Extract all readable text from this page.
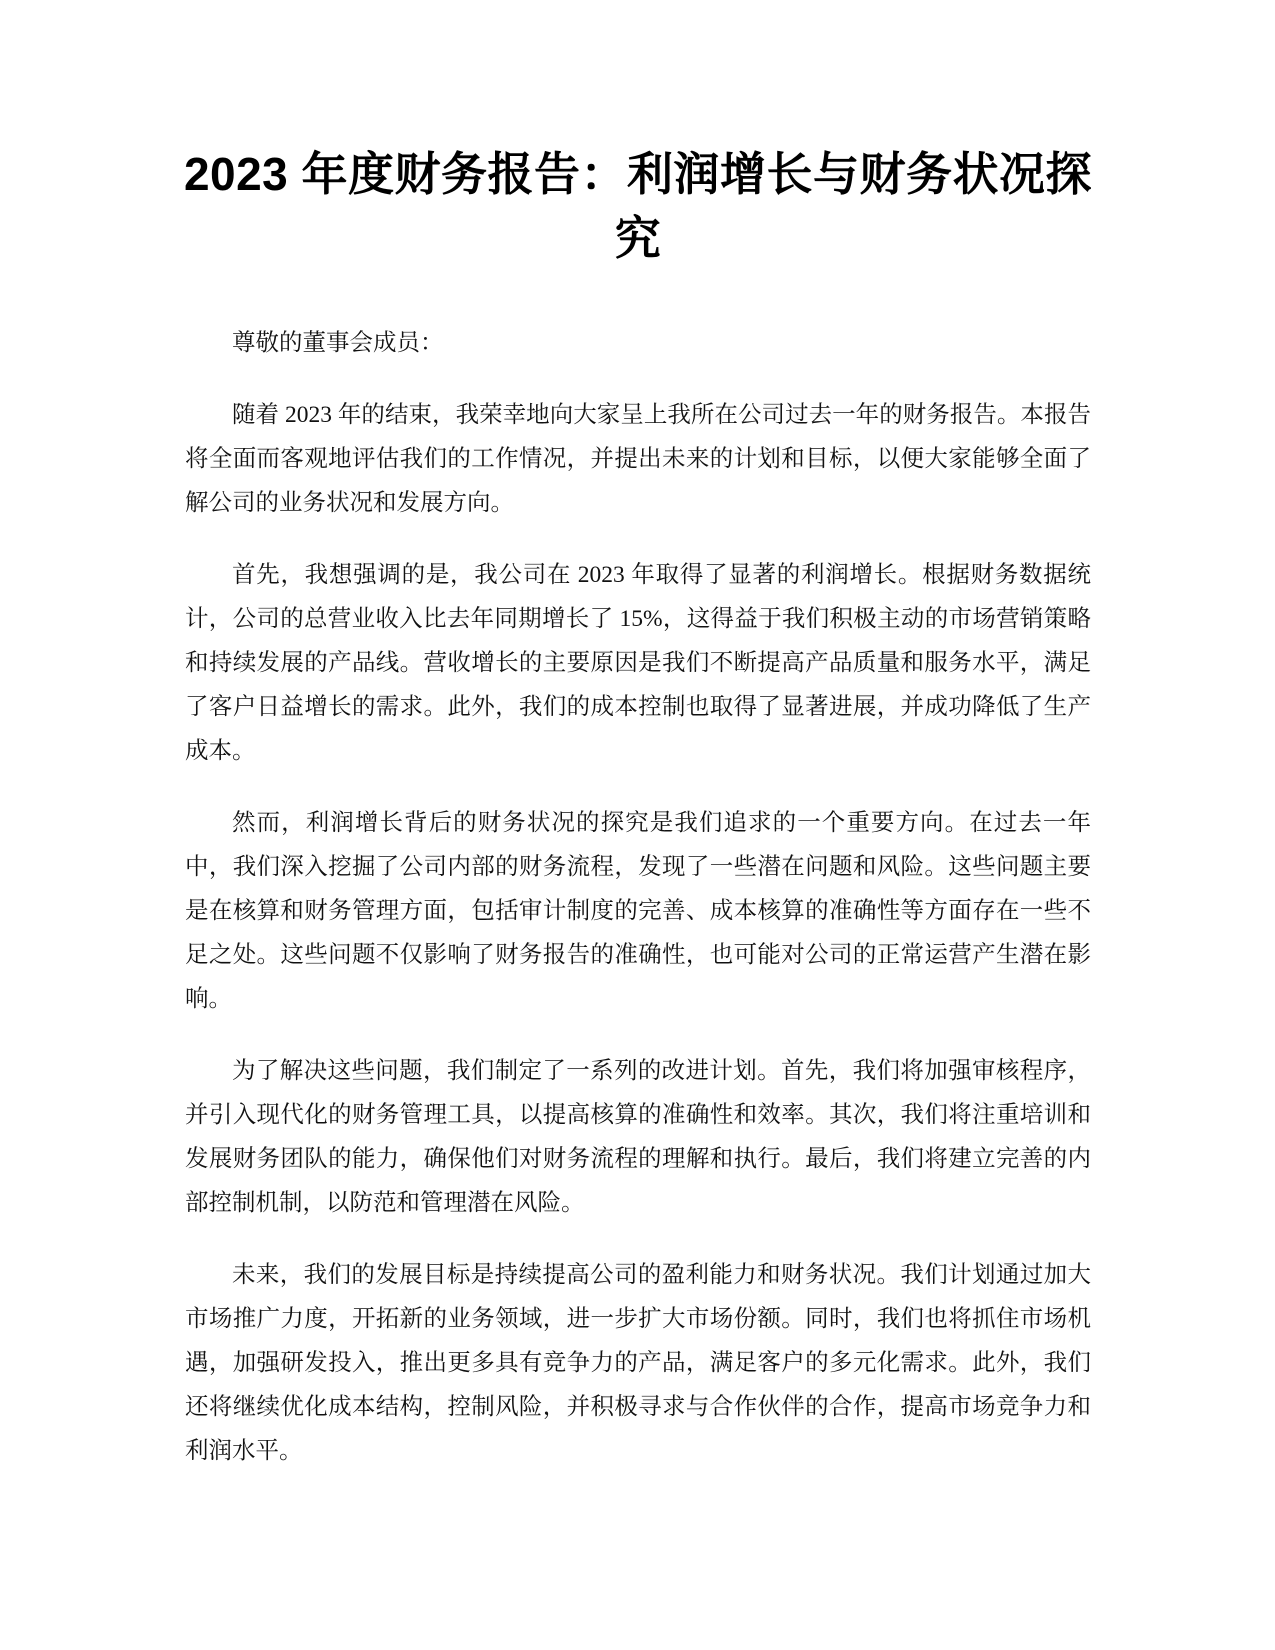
2023 年度财务报告：利润增长与财务状况探究

尊敬的董事会成员：

随着 2023 年的结束，我荣幸地向大家呈上我所在公司过去一年的财务报告。本报告将全面而客观地评估我们的工作情况，并提出未来的计划和目标，以便大家能够全面了解公司的业务状况和发展方向。

首先，我想强调的是，我公司在 2023 年取得了显著的利润增长。根据财务数据统计，公司的总营业收入比去年同期增长了 15%，这得益于我们积极主动的市场营销策略和持续发展的产品线。营收增长的主要原因是我们不断提高产品质量和服务水平，满足了客户日益增长的需求。此外，我们的成本控制也取得了显著进展，并成功降低了生产成本。

然而，利润增长背后的财务状况的探究是我们追求的一个重要方向。在过去一年中，我们深入挖掘了公司内部的财务流程，发现了一些潜在问题和风险。这些问题主要是在核算和财务管理方面，包括审计制度的完善、成本核算的准确性等方面存在一些不足之处。这些问题不仅影响了财务报告的准确性，也可能对公司的正常运营产生潜在影响。

为了解决这些问题，我们制定了一系列的改进计划。首先，我们将加强审核程序，并引入现代化的财务管理工具，以提高核算的准确性和效率。其次，我们将注重培训和发展财务团队的能力，确保他们对财务流程的理解和执行。最后，我们将建立完善的内部控制机制，以防范和管理潜在风险。

未来，我们的发展目标是持续提高公司的盈利能力和财务状况。我们计划通过加大市场推广力度，开拓新的业务领域，进一步扩大市场份额。同时，我们也将抓住市场机遇，加强研发投入，推出更多具有竞争力的产品，满足客户的多元化需求。此外，我们还将继续优化成本结构，控制风险，并积极寻求与合作伙伴的合作，提高市场竞争力和利润水平。
